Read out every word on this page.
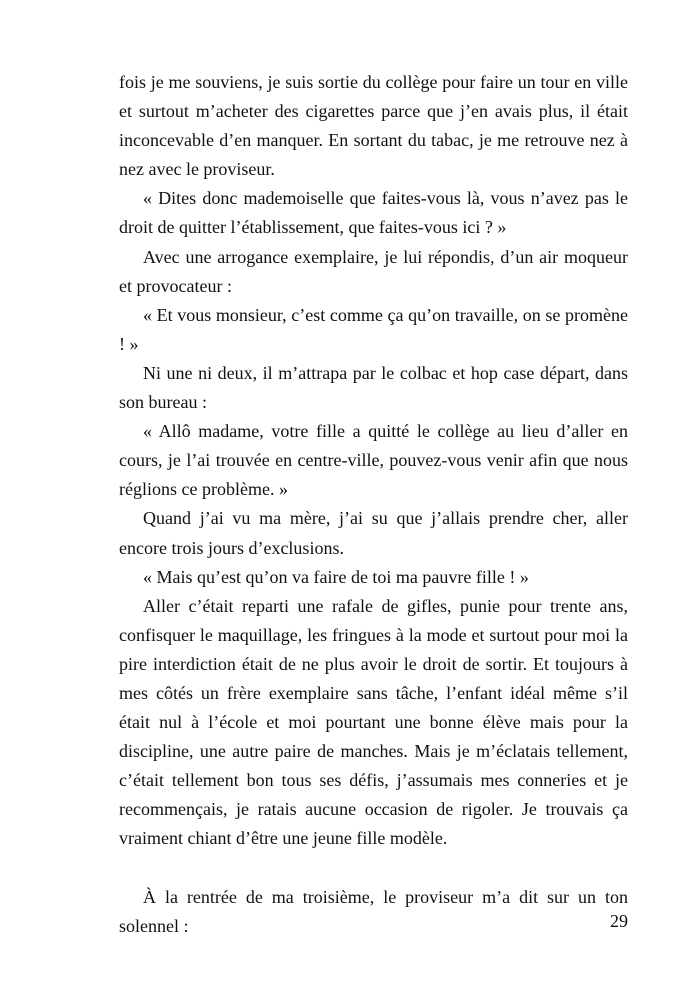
fois je me souviens, je suis sortie du collège pour faire un tour en ville et surtout m’acheter des cigarettes parce que j’en avais plus, il était inconcevable d’en manquer. En sortant du tabac, je me retrouve nez à nez avec le proviseur.

« Dites donc mademoiselle que faites-vous là, vous n’avez pas le droit de quitter l’établissement, que faites-vous ici ? »

Avec une arrogance exemplaire, je lui répondis, d’un air moqueur et provocateur :

« Et vous monsieur, c’est comme ça qu’on travaille, on se promène ! »

Ni une ni deux, il m’attrapa par le colbac et hop case départ, dans son bureau :

« Allô madame, votre fille a quitté le collège au lieu d’aller en cours, je l’ai trouvée en centre-ville, pouvez-vous venir afin que nous réglions ce problème. »

Quand j’ai vu ma mère, j’ai su que j’allais prendre cher, aller encore trois jours d’exclusions.

« Mais qu’est qu’on va faire de toi ma pauvre fille ! »

Aller c’était reparti une rafale de gifles, punie pour trente ans, confisquer le maquillage, les fringues à la mode et surtout pour moi la pire interdiction était de ne plus avoir le droit de sortir. Et toujours à mes côtés un frère exemplaire sans tâche, l’enfant idéal même s’il était nul à l’école et moi pourtant une bonne élève mais pour la discipline, une autre paire de manches. Mais je m’éclatais tellement, c’était tellement bon tous ses défis, j’assumais mes conneries et je recommençais, je ratais aucune occasion de rigoler. Je trouvais ça vraiment chiant d’être une jeune fille modèle.

À la rentrée de ma troisième, le proviseur m’a dit sur un ton solennel :	29
